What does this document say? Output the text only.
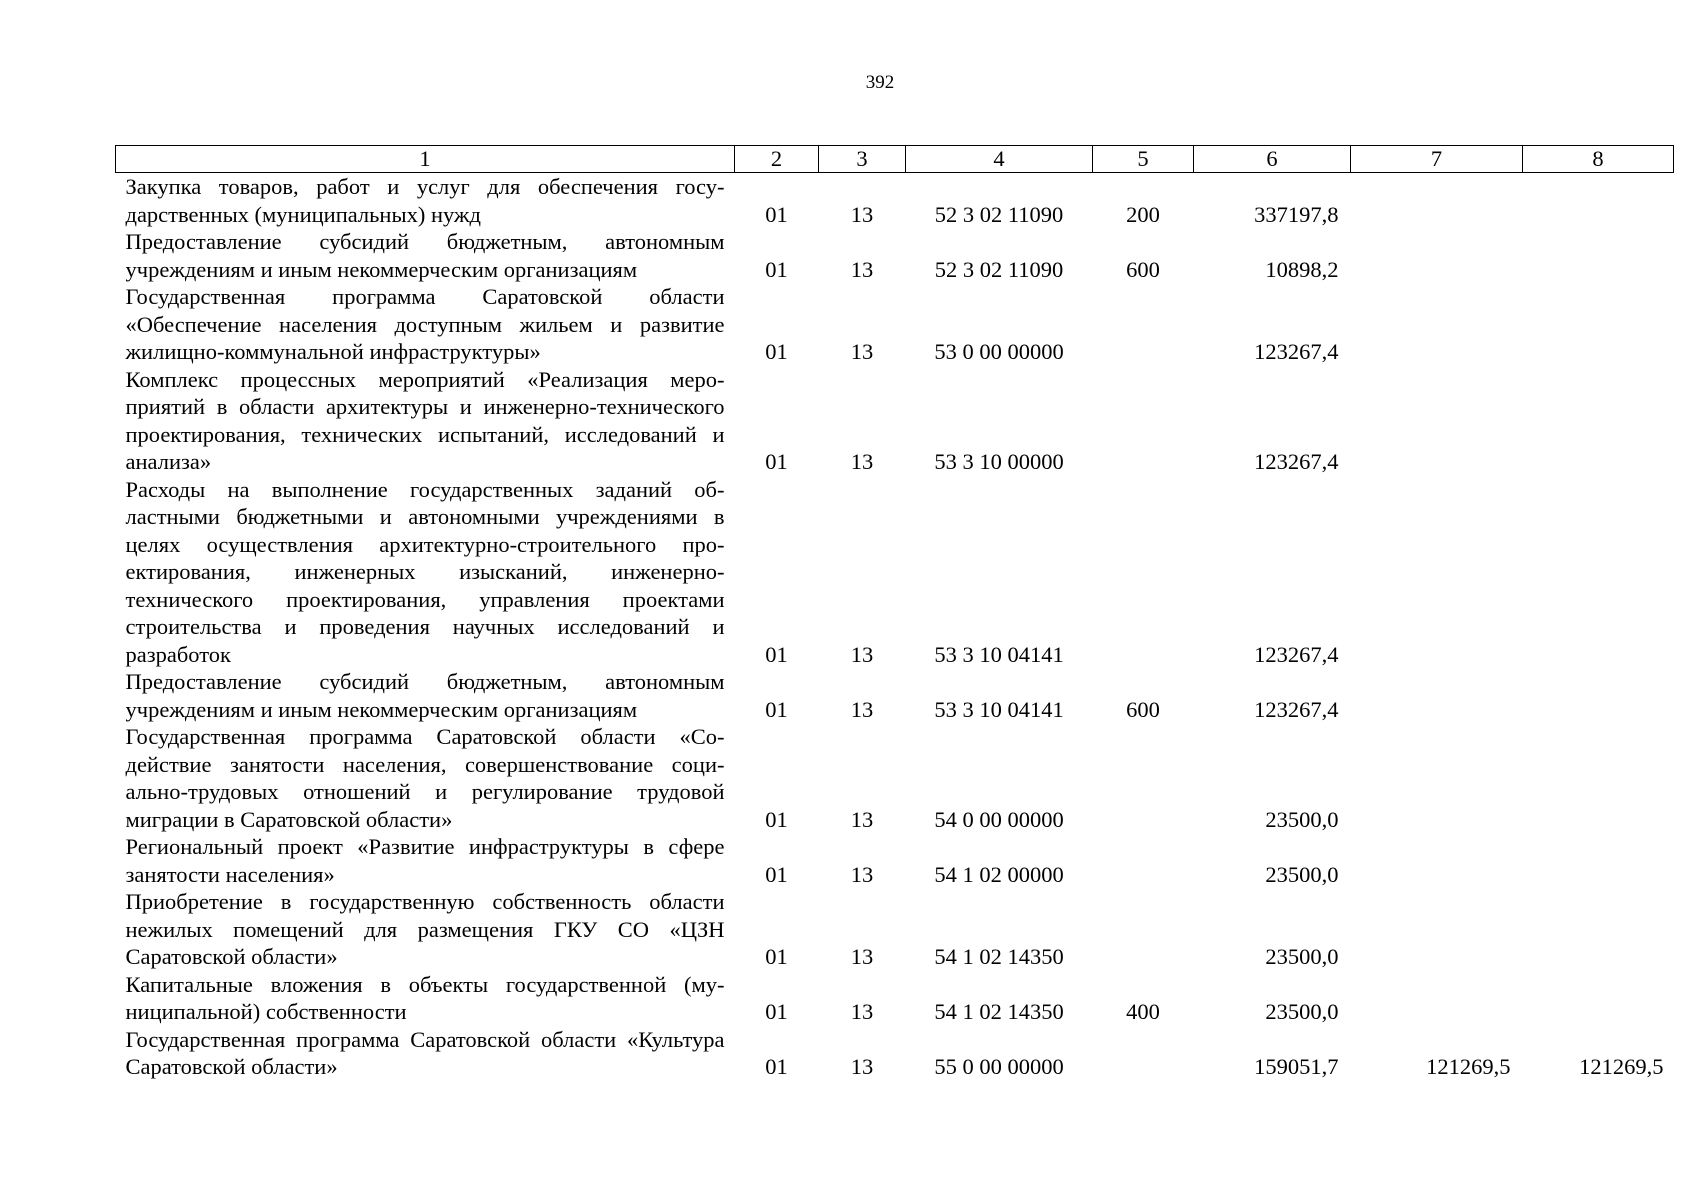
392
1	2	3	4	5	6	7	8
Закупка товаров, работ и услуг для обеспечения государственных (муниципальных) нужд	01	13	52 3 02 11090	200	337197,8		
Предоставление субсидий бюджетным, автономным учреждениям и иным некоммерческим организациям	01	13	52 3 02 11090	600	10898,2		
Государственная программа Саратовской области «Обеспечение населения доступным жильем и развитие жилищно-коммунальной инфраструктуры»	01	13	53 0 00 00000		123267,4		
Комплекс процессных мероприятий «Реализация мероприятий в области архитектуры и инженерно-технического проектирования, технических испытаний, исследований и анализа»	01	13	53 3 10 00000		123267,4		
Расходы на выполнение государственных заданий областными бюджетными и автономными учреждениями в целях осуществления архитектурно-строительного проектирования, инженерных изысканий, инженерно-технического проектирования, управления проектами строительства и проведения научных исследований и разработок	01	13	53 3 10 04141		123267,4		
Предоставление субсидий бюджетным, автономным учреждениям и иным некоммерческим организациям	01	13	53 3 10 04141	600	123267,4		
Государственная программа Саратовской области «Содействие занятости населения, совершенствование социально-трудовых отношений и регулирование трудовой миграции в Саратовской области»	01	13	54 0 00 00000		23500,0		
Региональный проект «Развитие инфраструктуры в сфере занятости населения»	01	13	54 1 02 00000		23500,0		
Приобретение в государственную собственность области нежилых помещений для размещения ГКУ СО «ЦЗН Саратовской области»	01	13	54 1 02 14350		23500,0		
Капитальные вложения в объекты государственной (муниципальной) собственности	01	13	54 1 02 14350	400	23500,0		
Государственная программа Саратовской области «Культура Саратовской области»	01	13	55 0 00 00000		159051,7	121269,5	121269,5
